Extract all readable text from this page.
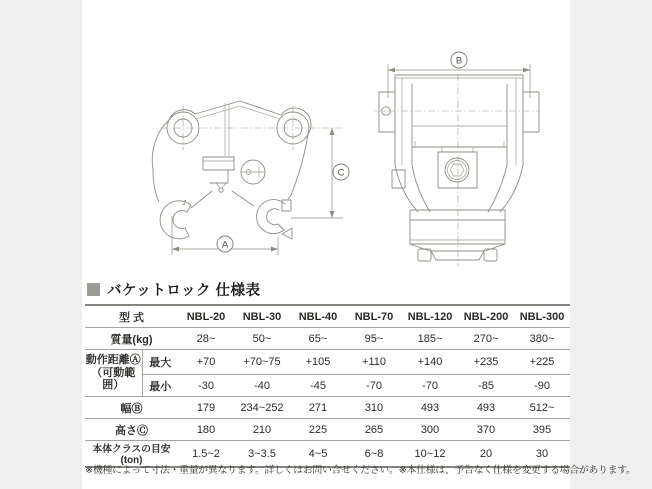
J
A
C
B
バケットロック 仕様表
型 式		NBL-20	NBL-30	NBL-40	NBL-70	NBL-120	NBL-200	NBL-300
質量(kg)		28~	50~	65~	95~	185~	270~	380~

動作距離Ⓐ
（可動範囲）	最大	+70	+70~75	+105	+110	+140	+235	+225
	最小	-30	-40	-45	-70	-70	-85	-90
幅Ⓑ		179	234~252	271	310	493	493	512~
高さⒸ		180	210	225	265	300	370	395
本体クラスの目安(ton)		1.5~2	3~3.5	4~5	6~8	10~12	20	30
※機種によって寸法・重量が異なります。詳しくはお問い合せください。※本仕様は、予告なく仕様を変更する場合があります。
